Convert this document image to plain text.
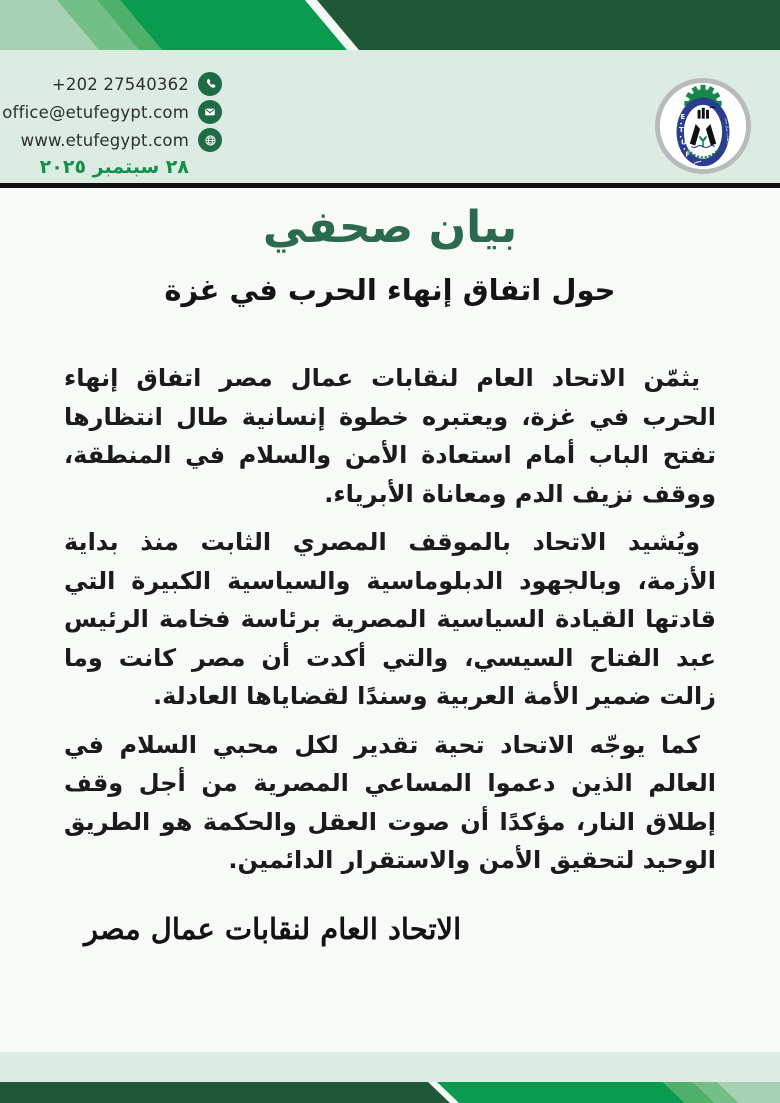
+202 27540362
office@etufegypt.com
www.etufegypt.com
٢٨ سبتمبر ٢٠٢٥
E
T
U
F	الاتحاد العام لنقابات عمال مصر
مصر
بيان صحفي
حول اتفاق إنهاء الحرب في غزة

يثمّن الاتحاد العام لنقابات عمال مصر اتفاق إنهاء الحرب في غزة، ويعتبره خطوة إنسانية طال انتظارها تفتح الباب أمام استعادة الأمن والسلام في المنطقة، ووقف نزيف الدم ومعاناة الأبرياء.

ويُشيد الاتحاد بالموقف المصري الثابت منذ بداية الأزمة، وبالجهود الدبلوماسية والسياسية الكبيرة التي قادتها القيادة السياسية المصرية برئاسة فخامة الرئيس عبد الفتاح السيسي، والتي أكدت أن مصر كانت وما زالت ضمير الأمة العربية وسندًا لقضاياها العادلة.

كما يوجّه الاتحاد تحية تقدير لكل محبي السلام في العالم الذين دعموا المساعي المصرية من أجل وقف إطلاق النار، مؤكدًا أن صوت العقل والحكمة هو الطريق الوحيد لتحقيق الأمن والاستقرار الدائمين.

الاتحاد العام لنقابات عمال مصر
